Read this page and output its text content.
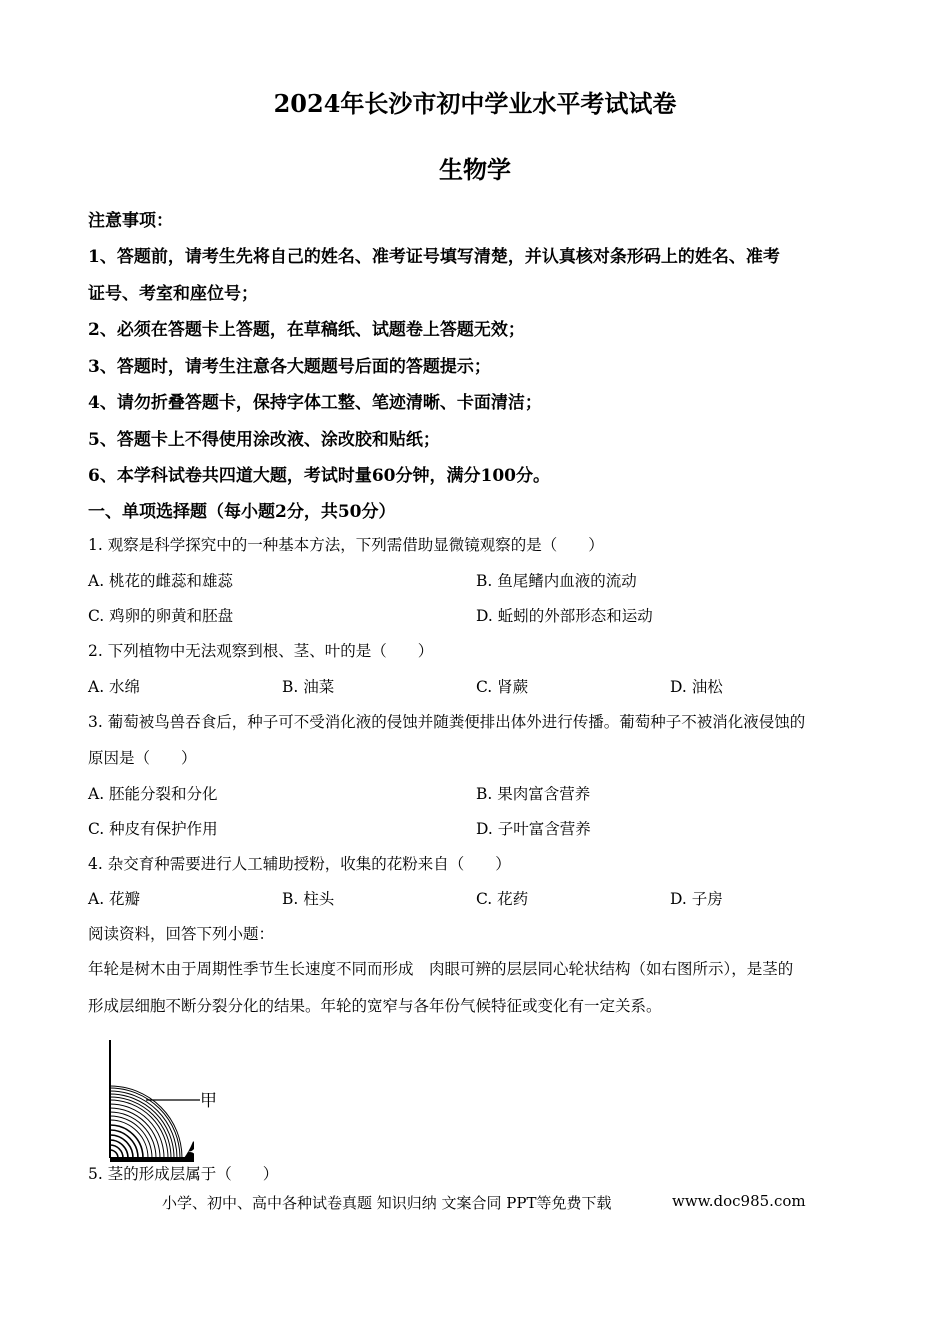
2024年长沙市初中学业水平考试试卷
生物学
注意事项：
1、答题前，请考生先将自己的姓名、准考证号填写清楚，并认真核对条形码上的姓名、准考
证号、考室和座位号；
2、必须在答题卡上答题，在草稿纸、试题卷上答题无效；
3、答题时，请考生注意各大题题号后面的答题提示；
4、请勿折叠答题卡，保持字体工整、笔迹清晰、卡面清洁；
5、答题卡上不得使用涂改液、涂改胶和贴纸；
6、本学科试卷共四道大题，考试时量60分钟，满分100分。
一、单项选择题（每小题2分，共50分）
1. 观察是科学探究中的一种基本方法，下列需借助显微镜观察的是（　　）
A. 桃花的雌蕊和雄蕊	B. 鱼尾鳍内血液的流动
C. 鸡卵的卵黄和胚盘	D. 蚯蚓的外部形态和运动
2. 下列植物中无法观察到根、茎、叶的是（　　）
A. 水绵	B. 油菜	C. 肾蕨	D. 油松
3. 葡萄被鸟兽吞食后，种子可不受消化液的侵蚀并随粪便排出体外进行传播。葡萄种子不被消化液侵蚀的
原因是（　　）
A. 胚能分裂和分化	B. 果肉富含营养
C. 种皮有保护作用	D. 子叶富含营养
4. 杂交育种需要进行人工辅助授粉，收集的花粉来自（　　）
A. 花瓣	B. 柱头	C. 花药	D. 子房
阅读资料，回答下列小题：
年轮是树木由于周期性季节生长速度不同而形成　肉眼可辨的层层同心轮状结构（如右图所示），是茎的
形成层细胞不断分裂分化的结果。年轮的宽窄与各年份气候特征或变化有一定关系。
甲
5. 茎的形成层属于（　　）
小学、初中、高中各种试卷真题 知识归纳 文案合同 PPT等免费下载	www.doc985.com
